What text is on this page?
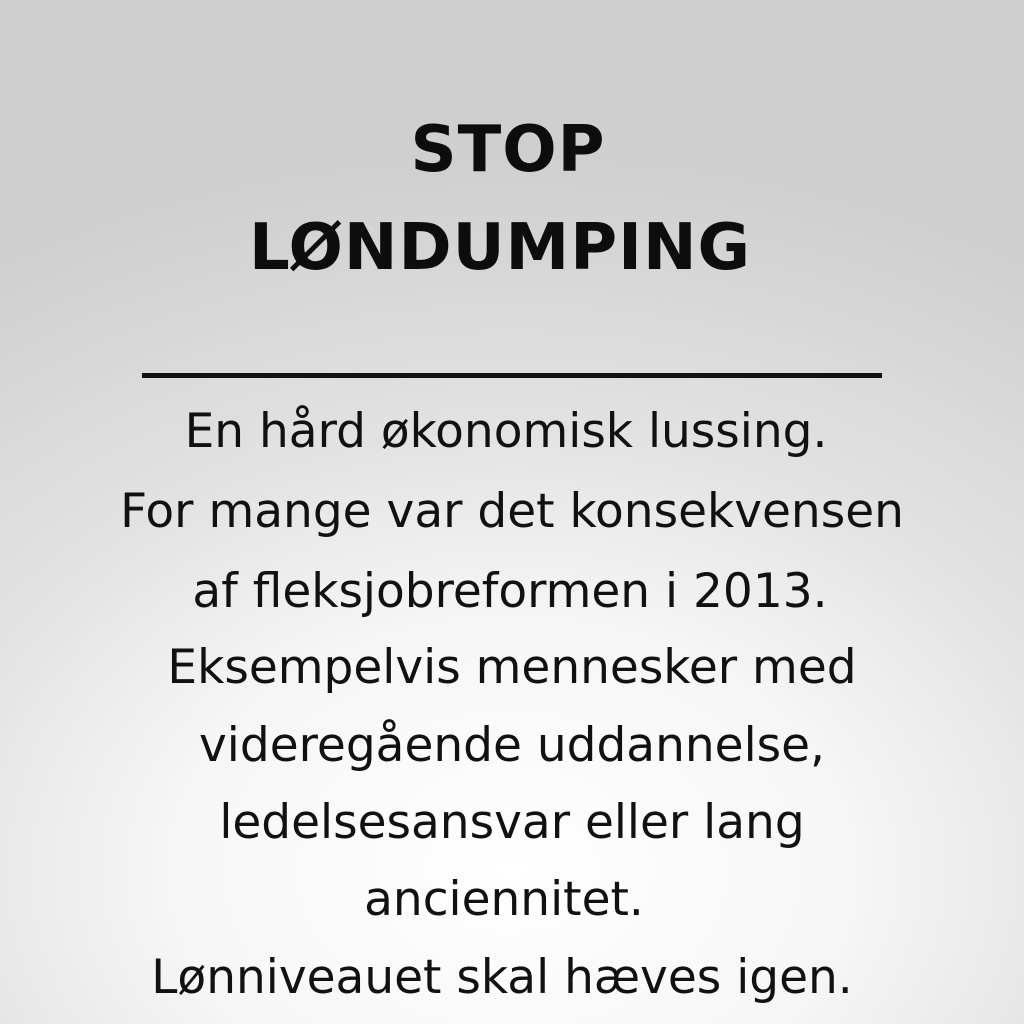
STOP
LØNDUMPING
En hård økonomisk lussing.
For mange var det konsekvensen
af fleksjobreformen i 2013.
Eksempelvis mennesker med
videregående uddannelse,
ledelsesansvar eller lang
anciennitet.
Lønniveauet skal hæves igen.
